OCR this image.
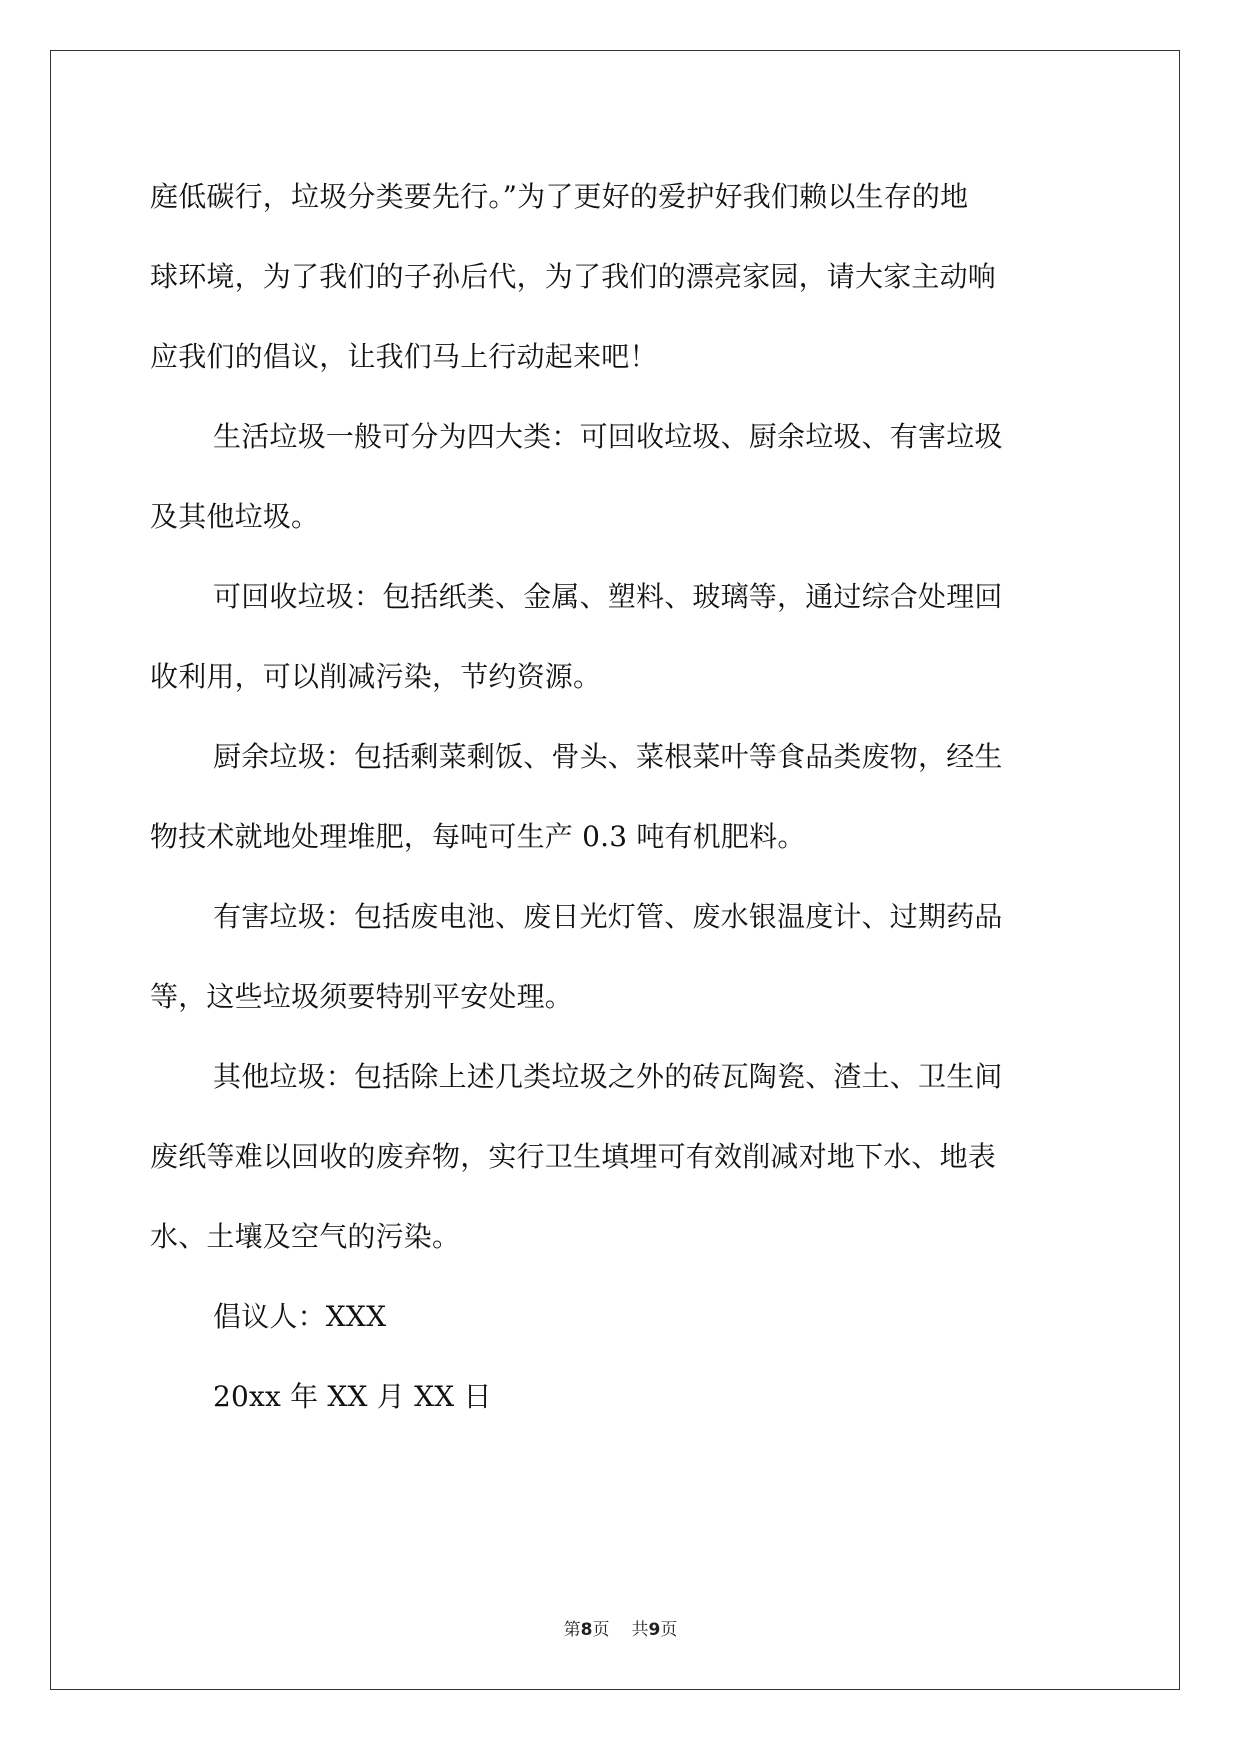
庭低碳行，垃圾分类要先行。”为了更好的爱护好我们赖以生存的地
球环境，为了我们的子孙后代，为了我们的漂亮家园，请大家主动响
应我们的倡议，让我们马上行动起来吧！
生活垃圾一般可分为四大类：可回收垃圾、厨余垃圾、有害垃圾
及其他垃圾。
可回收垃圾：包括纸类、金属、塑料、玻璃等，通过综合处理回
收利用，可以削减污染，节约资源。
厨余垃圾：包括剩菜剩饭、骨头、菜根菜叶等食品类废物，经生
物技术就地处理堆肥，每吨可生产 0.3 吨有机肥料。
有害垃圾：包括废电池、废日光灯管、废水银温度计、过期药品
等，这些垃圾须要特别平安处理。
其他垃圾：包括除上述几类垃圾之外的砖瓦陶瓷、渣土、卫生间
废纸等难以回收的废弃物，实行卫生填埋可有效削减对地下水、地表
水、土壤及空气的污染。
倡议人：XXX
20xx 年 XX 月 XX 日
第8页 共9页
